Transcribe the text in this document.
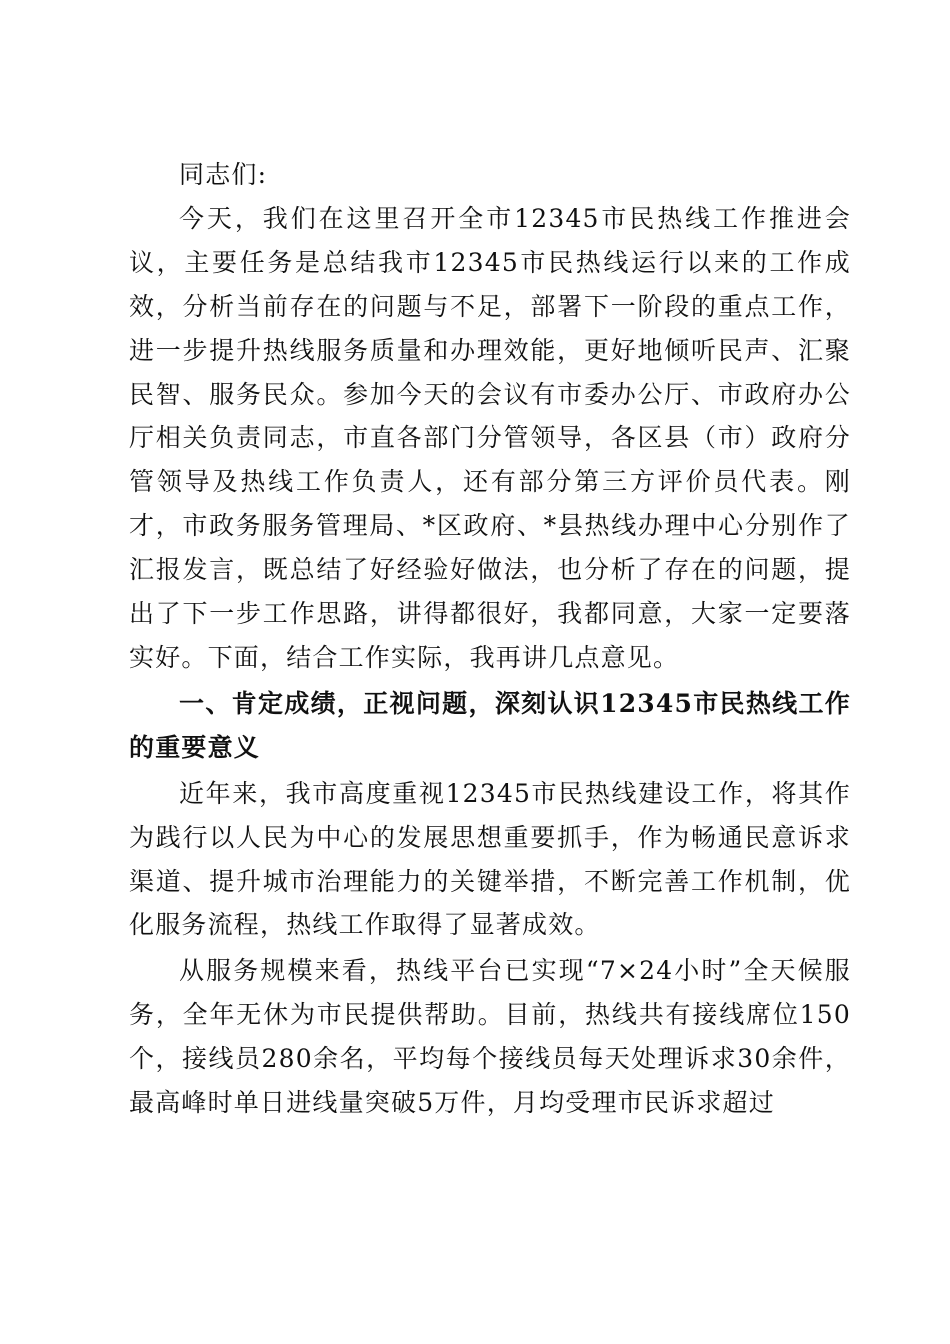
同志们:

今天，我们在这里召开全市12345市民热线工作推进会议，主要任务是总结我市12345市民热线运行以来的工作成效，分析当前存在的问题与不足，部署下一阶段的重点工作，进一步提升热线服务质量和办理效能，更好地倾听民声、汇聚民智、服务民众。参加今天的会议有市委办公厅、市政府办公厅相关负责同志，市直各部门分管领导，各区县（市）政府分管领导及热线工作负责人，还有部分第三方评价员代表。刚才，市政务服务管理局、*区政府、*县热线办理中心分别作了汇报发言，既总结了好经验好做法，也分析了存在的问题，提出了下一步工作思路，讲得都很好，我都同意，大家一定要落实好。下面，结合工作实际，我再讲几点意见。

一、肯定成绩，正视问题，深刻认识12345市民热线工作的重要意义

近年来，我市高度重视12345市民热线建设工作，将其作为践行以人民为中心的发展思想重要抓手，作为畅通民意诉求渠道、提升城市治理能力的关键举措，不断完善工作机制，优化服务流程，热线工作取得了显著成效。

从服务规模来看，热线平台已实现“7×24小时”全天候服务，全年无休为市民提供帮助。目前，热线共有接线席位150个，接线员280余名，平均每个接线员每天处理诉求30余件，最高峰时单日进线量突破5万件，月均受理市民诉求超过
